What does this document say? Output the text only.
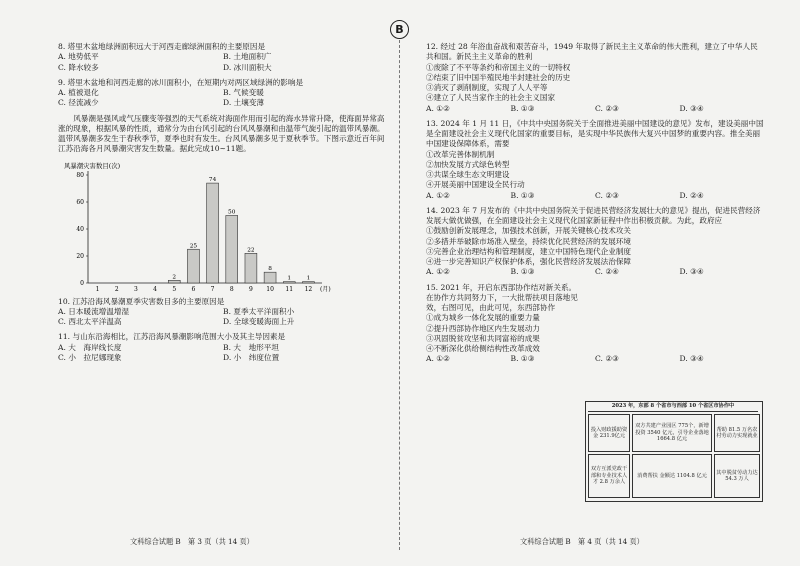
B

8. 塔里木盆地绿洲面积远大于河西走廊绿洲面积的主要原因是

A. 地势低平	B. 土地面积广
C. 降水较多	D. 冰川面积大

9. 塔里木盆地和河西走廊的冰川面积小，在短期内对两区域绿洲的影响是

A. 植被退化	B. 气候变暖
C. 径流减少	D. 土壤变薄

风暴潮是强风或气压骤变等强烈的天气系统对海面作用而引起的海水异常升降，使海面异常高涨的现象，根据风暴的性质，通常分为由台风引起的台风风暴潮和由温带气旋引起的温带风暴潮。温带风暴潮多发生于春秋季节，夏季也时有发生。台风风暴潮多见于夏秋季节。下图示意近百年间江苏沿海各月风暴潮灾害发生数量。据此完成10~11题。

风暴潮灾害数目(次)
0
20
40
60
80
1	2	3	4	5	6	7	8	9 10 11 12 (月)
2
25
74
50
22
8
1	1

10. 江苏沿海风暴潮夏季灾害数目多的主要原因是

A. 日本暖流增温增湿	B. 夏季太平洋面积小
C. 西北太平洋温高	D. 全球变暖海面上升

11. 与山东沿海相比，江苏沿海风暴潮影响范围大小及其主导因素是

A. 大　海岸线长度	B. 大　地形平坦
C. 小　拉尼娜现象	D. 小　纬度位置
文科综合试题 B　第 3 页（共 14 页）

12. 经过 28 年浴血奋战和艰苦奋斗，1949 年取得了新民主主义革命的伟大胜利，建立了中华人民共和国。新民主主义革命的胜利

①废除了不平等条约和帝国主义的一切特权

②结束了旧中国半殖民地半封建社会的历史

③消灭了剥削制度，实现了人人平等

④建立了人民当家作主的社会主义国家

A. ①②	B. ①③	C. ②③	D. ③④

13. 2024 年 1 月 11 日，《中共中央国务院关于全面推进美丽中国建设的意见》发布，建设美丽中国是全面建设社会主义现代化国家的重要目标，是实现中华民族伟大复兴中国梦的重要内容。推全美丽中国建设保障体系，需要

①改革完善体制机制

②加快发展方式绿色转型

③共谋全球生态文明建设

④开展美丽中国建设全民行动

A. ①②	B. ①③	C. ②③	D. ②④

14. 2023 年 7 月发布的《中共中央国务院关于促进民营经济发展壮大的意见》提出，促进民营经济发展大做优做强，在全面建设社会主义现代化国家新征程中作出积极贡献。为此，政府应

①鼓励创新发展理念，加强技术创新，开展关键核心技术攻关

②多措并举破除市场准入壁垒，持续优化民营经济的发展环境

③完善企业治理结构和管理制度，建立中国特色现代企业制度

④进一步完善知识产权保护体系，强化民营经济发展法治保障

A. ①②	B. ①③	C. ②④	D. ③④

15. 2021 年，开启东西部协作结对新关系。在协作方共同努力下，一大批帮扶项目落地见效，右图可见，由此可见，东西部协作

①成为城乡一体化发展的重要力量

②提升西部协作地区内生发展动力

③巩固脱贫攻坚和共同富裕的成果

④不断深化供给侧结构性改革成效

A. ①②	B. ①③	C. ②③	D. ③④
2023 年，东部 8 个省市与西部 10 个省区市协作中
投入财政援助资金 231.9亿元
双方共建产业园区 775个，新增投资 3540 亿元，引导企业落地 1664.8 亿元
帮助 81.5 万名农村劳动力实现就业
双方互派党政干部和专业技术人才 2.8 万余人
消费帮扶 金额达 1104.8 亿元
其中脱贫劳动力达 54.3 万人
文科综合试题 B　第 4 页（共 14 页）
